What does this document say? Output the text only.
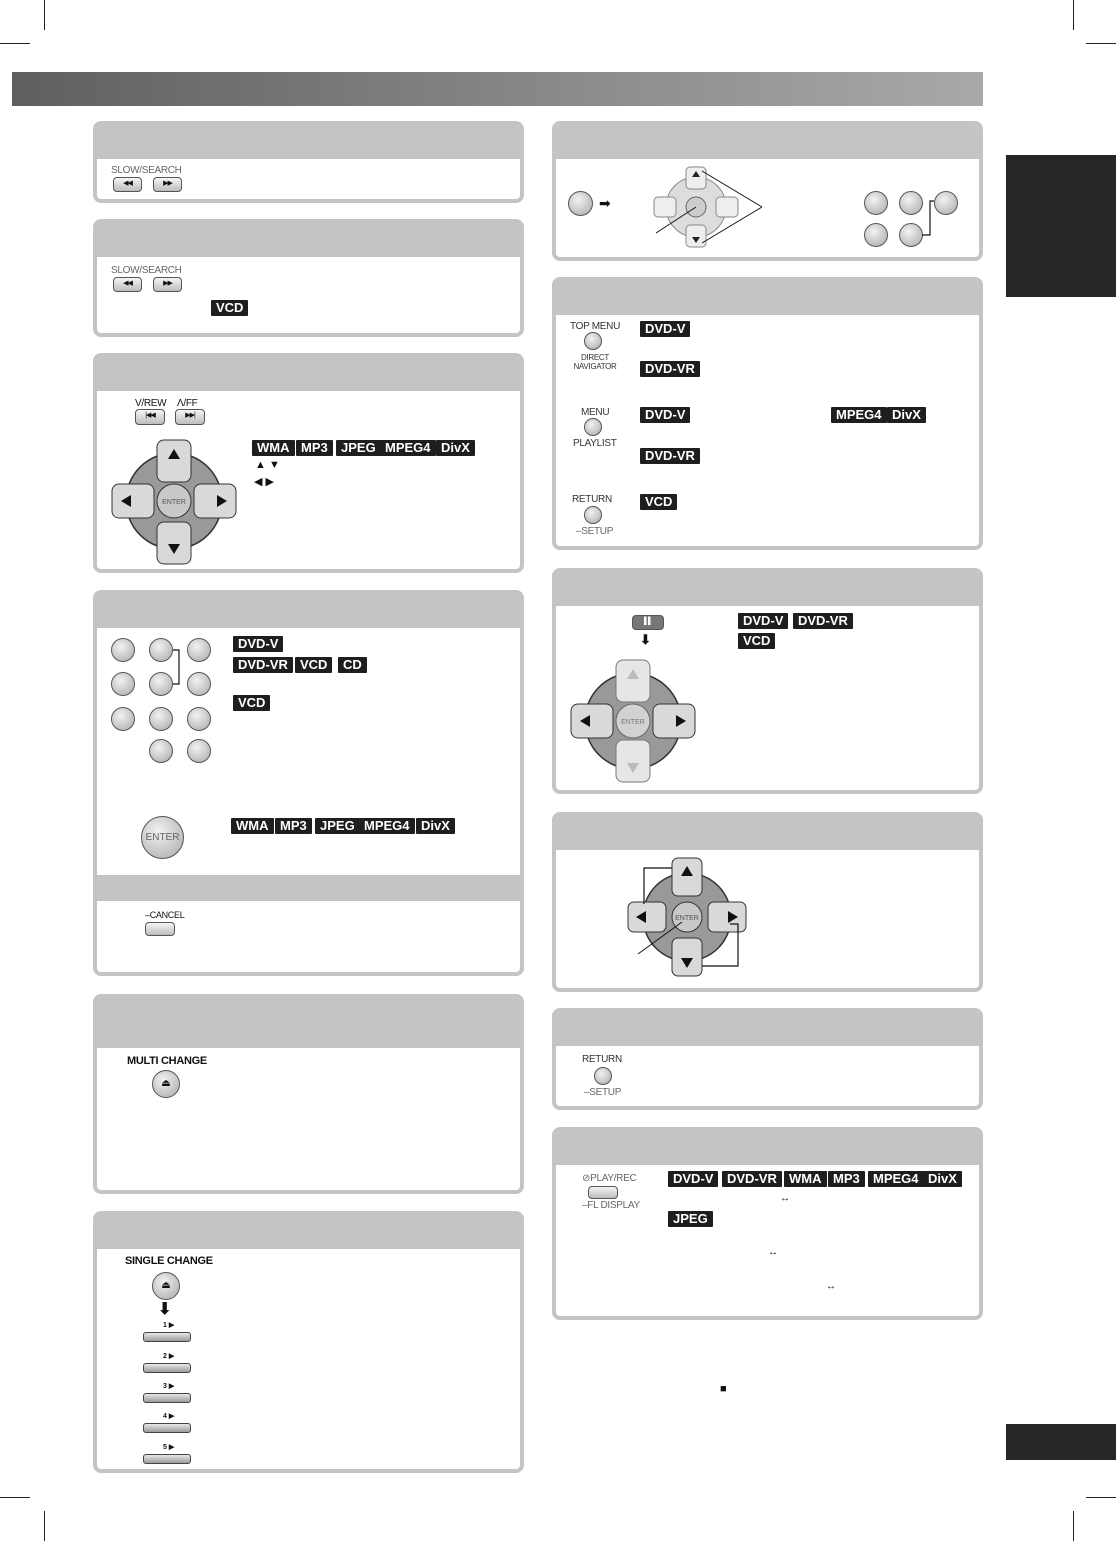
SLOW/SEARCH
◀◀	▶▶
SLOW/SEARCH
◀◀	▶▶
VCD
V/REW Λ/FF
|◀◀	▶▶|
ENTER
WMA MP3	JPEG MPEG4 DivX
▲ ▼
◀ ▶
DVD-V
DVD-VR VCD	CD
VCD
ENTER
WMA MP3	JPEG MPEG4 DivX
–CANCEL
MULTI CHANGE
⏏
SINGLE CHANGE
⏏
⬇
1 ▶
2 ▶
3 ▶
4 ▶
5 ▶
➡
TOP MENU
DIRECT NAVIGATOR
DVD-V
DVD-VR
MENU
PLAYLIST
DVD-V	MPEG4 DivX
DVD-VR
RETURN
–SETUP
VCD
▌▌
⬇
ENTER
DVD-V	DVD-VR
VCD
ENTER
RETURN
–SETUP
⊘PLAY/REC
–FL DISPLAY
DVD-V	DVD-VR WMA MP3	MPEG4 DivX
↔
JPEG
↔
↔
■
